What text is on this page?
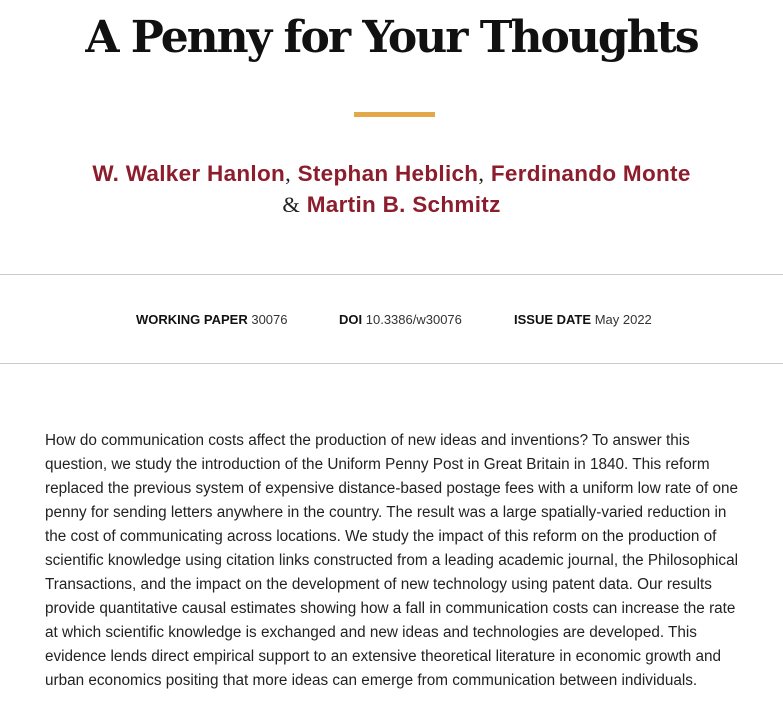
A Penny for Your Thoughts
W. Walker Hanlon, Stephan Heblich, Ferdinando Monte
& Martin B. Schmitz
WORKING PAPER 30076	DOI 10.3386/w30076	ISSUE DATE May 2022

How do communication costs affect the production of new ideas and inventions? To answer this question, we study the introduction of the Uniform Penny Post in Great Britain in 1840. This reform replaced the previous system of expensive distance-based postage fees with a uniform low rate of one penny for sending letters anywhere in the country. The result was a large spatially-varied reduction in the cost of communicating across locations. We study the impact of this reform on the production of scientific knowledge using citation links constructed from a leading academic journal, the Philosophical Transactions, and the impact on the development of new technology using patent data. Our results provide quantitative causal estimates showing how a fall in communication costs can increase the rate at which scientific knowledge is exchanged and new ideas and technologies are developed. This evidence lends direct empirical support to an extensive theoretical literature in economic growth and urban economics positing that more ideas can emerge from communication between individuals.
